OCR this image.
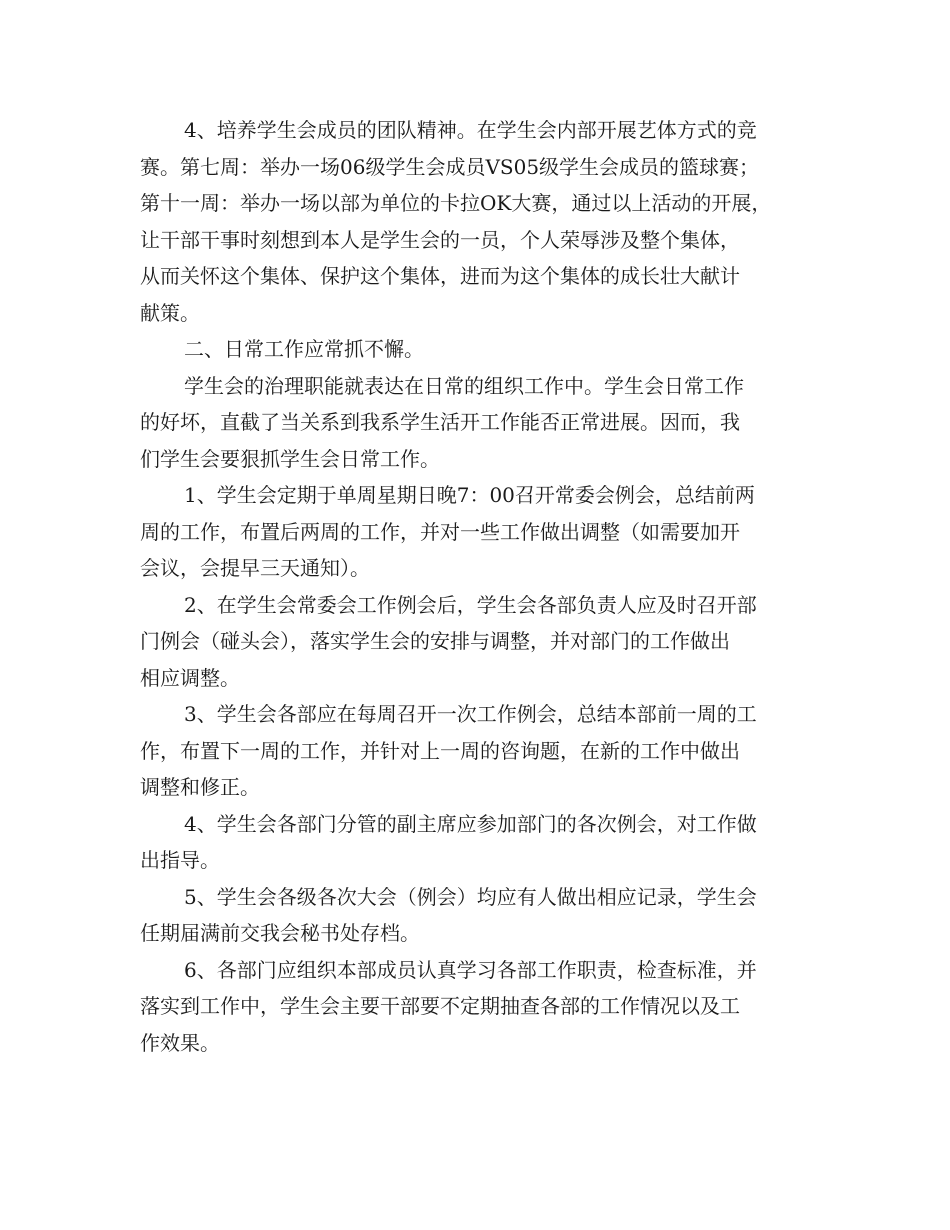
4、培养学生会成员的团队精神。在学生会内部开展艺体方式的竞
赛。第七周：举办一场06级学生会成员VS05级学生会成员的篮球赛；
第十一周：举办一场以部为单位的卡拉OK大赛，通过以上活动的开展，
让干部干事时刻想到本人是学生会的一员，个人荣辱涉及整个集体，
从而关怀这个集体、保护这个集体，进而为这个集体的成长壮大献计
献策。
二、日常工作应常抓不懈。
学生会的治理职能就表达在日常的组织工作中。学生会日常工作
的好坏，直截了当关系到我系学生活开工作能否正常进展。因而，我
们学生会要狠抓学生会日常工作。
1、学生会定期于单周星期日晚7：00召开常委会例会，总结前两
周的工作，布置后两周的工作，并对一些工作做出调整（如需要加开
会议，会提早三天通知）。
2、在学生会常委会工作例会后，学生会各部负责人应及时召开部
门例会（碰头会），落实学生会的安排与调整，并对部门的工作做出
相应调整。
3、学生会各部应在每周召开一次工作例会，总结本部前一周的工
作，布置下一周的工作，并针对上一周的咨询题，在新的工作中做出
调整和修正。
4、学生会各部门分管的副主席应参加部门的各次例会，对工作做
出指导。
5、学生会各级各次大会（例会）均应有人做出相应记录，学生会
任期届满前交我会秘书处存档。
6、各部门应组织本部成员认真学习各部工作职责，检查标准，并
落实到工作中，学生会主要干部要不定期抽查各部的工作情况以及工
作效果。
